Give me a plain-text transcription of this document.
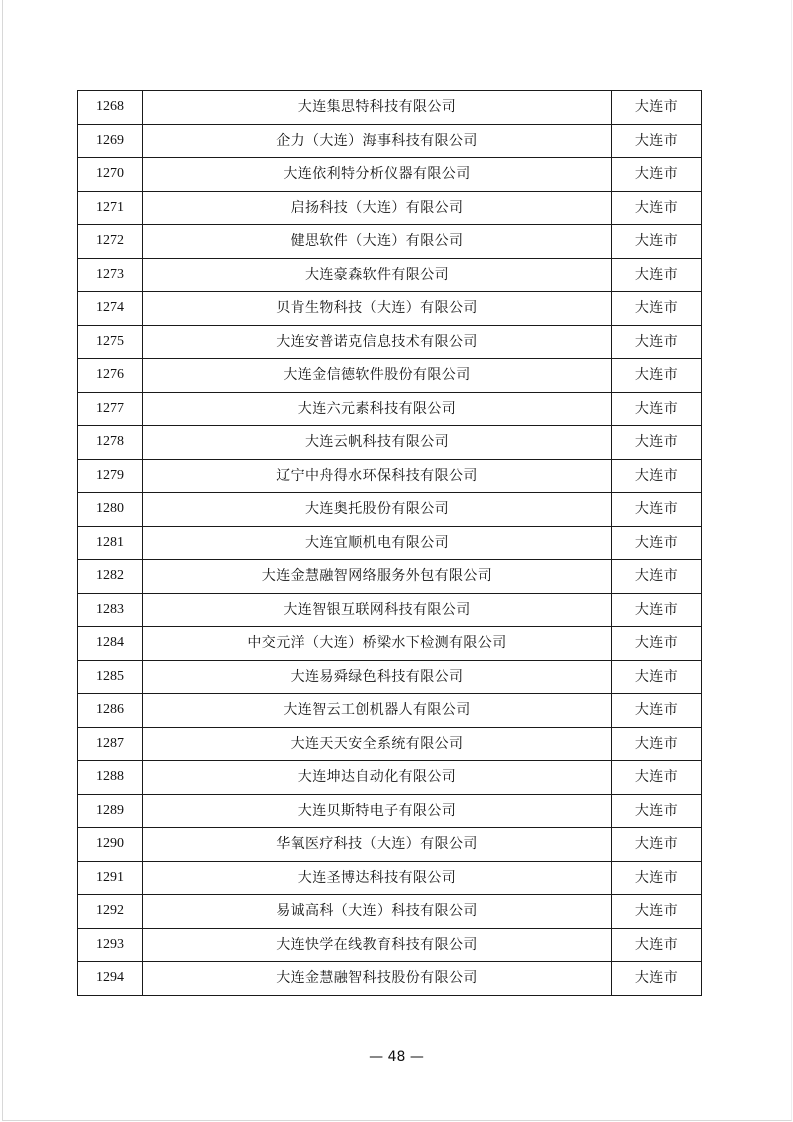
1268	大连集思特科技有限公司	大连市
1269	企力（大连）海事科技有限公司	大连市
1270	大连依利特分析仪器有限公司	大连市
1271	启扬科技（大连）有限公司	大连市
1272	健思软件（大连）有限公司	大连市
1273	大连豪森软件有限公司	大连市
1274	贝肯生物科技（大连）有限公司	大连市
1275	大连安普诺克信息技术有限公司	大连市
1276	大连金信德软件股份有限公司	大连市
1277	大连六元素科技有限公司	大连市
1278	大连云帆科技有限公司	大连市
1279	辽宁中舟得水环保科技有限公司	大连市
1280	大连奥托股份有限公司	大连市
1281	大连宜顺机电有限公司	大连市
1282	大连金慧融智网络服务外包有限公司	大连市
1283	大连智银互联网科技有限公司	大连市
1284	中交元洋（大连）桥梁水下检测有限公司	大连市
1285	大连易舜绿色科技有限公司	大连市
1286	大连智云工创机器人有限公司	大连市
1287	大连天天安全系统有限公司	大连市
1288	大连坤达自动化有限公司	大连市
1289	大连贝斯特电子有限公司	大连市
1290	华氧医疗科技（大连）有限公司	大连市
1291	大连圣博达科技有限公司	大连市
1292	易诚高科（大连）科技有限公司	大连市
1293	大连快学在线教育科技有限公司	大连市
1294	大连金慧融智科技股份有限公司	大连市
— 48 —
